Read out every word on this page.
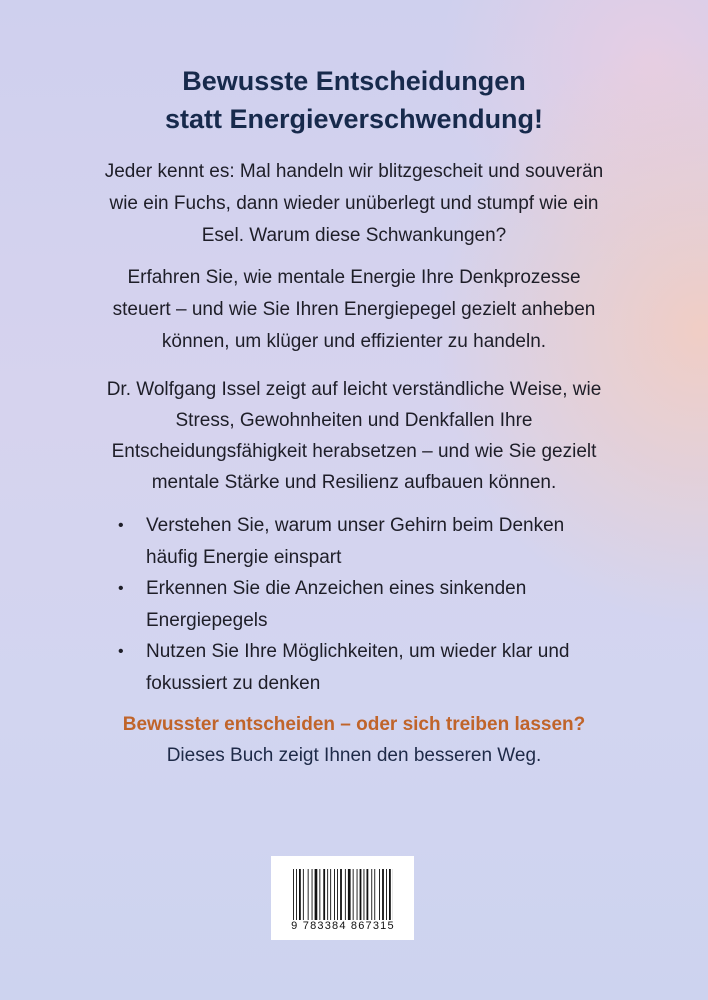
Bewusste Entscheidungen
statt Energieverschwendung!
Jeder kennt es: Mal handeln wir blitzgescheit und souverän
wie ein Fuchs, dann wieder unüberlegt und stumpf wie ein
Esel. Warum diese Schwankungen?
Erfahren Sie, wie mentale Energie Ihre Denkprozesse
steuert – und wie Sie Ihren Energiepegel gezielt anheben
können, um klüger und effizienter zu handeln.
Dr. Wolfgang Issel zeigt auf leicht verständliche Weise, wie
Stress, Gewohnheiten und Denkfallen Ihre
Entscheidungsfähigkeit herabsetzen – und wie Sie gezielt
mentale Stärke und Resilienz aufbauen können.
• Verstehen Sie, warum unser Gehirn beim Denken
häufig Energie einspart
• Erkennen Sie die Anzeichen eines sinkenden
Energiepegels
• Nutzen Sie Ihre Möglichkeiten, um wieder klar und
fokussiert zu denken
Bewusster entscheiden – oder sich treiben lassen?
Dieses Buch zeigt Ihnen den besseren Weg.
9 783384 867315
